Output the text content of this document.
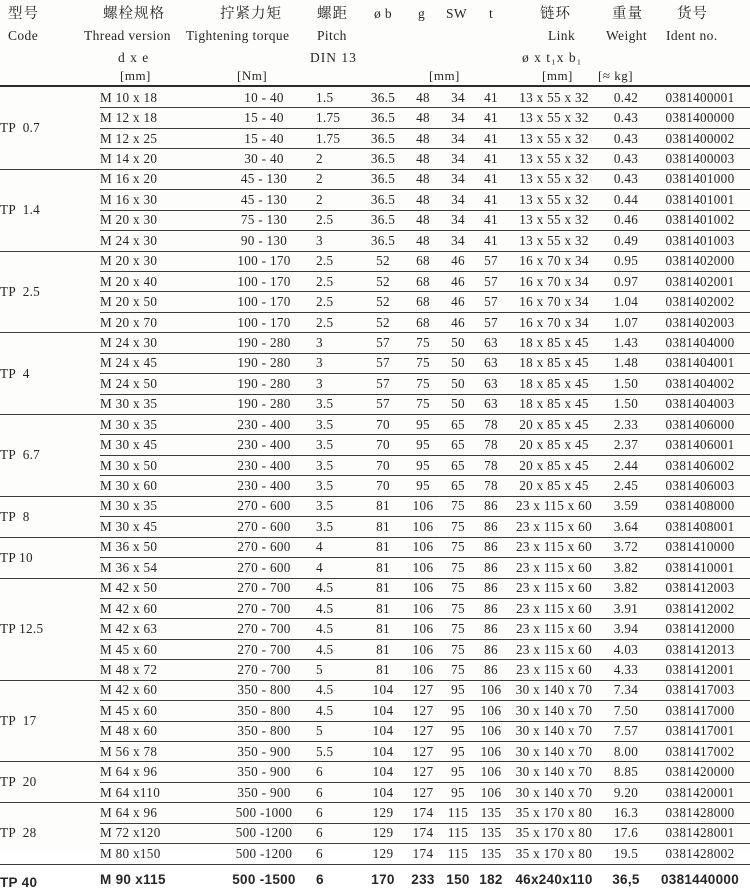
型号
Code
螺栓规格
Thread version
d x e
[mm]
拧紧力矩
Tightening torque
[Nm]
螺距
Pitch
DIN 13
ø b g SW t
[mm]
链环
Link
ø x t₁x b₁
[mm]
重量
Weight
[≈ kg]
货号
Ident no.
TP  0.7	M 10 x 18	10 - 40	1.5	36.5	48	34	41	13 x 55 x 32	0.42	0381400001
	M 12 x 18	15 - 40	1.75	36.5	48	34	41	13 x 55 x 32	0.43	0381400000
	M 12 x 25	15 - 40	1.75	36.5	48	34	41	13 x 55 x 32	0.43	0381400002
	M 14 x 20	30 - 40	2	36.5	48	34	41	13 x 55 x 32	0.43	0381400003
TP  1.4	M 16 x 20	45 - 130	2	36.5	48	34	41	13 x 55 x 32	0.43	0381401000
	M 16 x 30	45 - 130	2	36.5	48	34	41	13 x 55 x 32	0.44	0381401001
	M 20 x 30	75 - 130	2.5	36.5	48	34	41	13 x 55 x 32	0.46	0381401002
	M 24 x 30	90 - 130	3	36.5	48	34	41	13 x 55 x 32	0.49	0381401003
TP  2.5	M 20 x 30	100 - 170	2.5	52	68	46	57	16 x 70 x 34	0.95	0381402000
	M 20 x 40	100 - 170	2.5	52	68	46	57	16 x 70 x 34	0.97	0381402001
	M 20 x 50	100 - 170	2.5	52	68	46	57	16 x 70 x 34	1.04	0381402002
	M 20 x 70	100 - 170	2.5	52	68	46	57	16 x 70 x 34	1.07	0381402003
TP  4	M 24 x 30	190 - 280	3	57	75	50	63	18 x 85 x 45	1.43	0381404000
	M 24 x 45	190 - 280	3	57	75	50	63	18 x 85 x 45	1.48	0381404001
	M 24 x 50	190 - 280	3	57	75	50	63	18 x 85 x 45	1.50	0381404002
	M 30 x 35	190 - 280	3.5	57	75	50	63	18 x 85 x 45	1.50	0381404003
TP  6.7	M 30 x 35	230 - 400	3.5	70	95	65	78	20 x 85 x 45	2.33	0381406000
	M 30 x 45	230 - 400	3.5	70	95	65	78	20 x 85 x 45	2.37	0381406001
	M 30 x 50	230 - 400	3.5	70	95	65	78	20 x 85 x 45	2.44	0381406002
	M 30 x 60	230 - 400	3.5	70	95	65	78	20 x 85 x 45	2.45	0381406003
TP  8	M 30 x 35	270 - 600	3.5	81	106	75	86	23 x 115 x 60	3.59	0381408000
	M 30 x 45	270 - 600	3.5	81	106	75	86	23 x 115 x 60	3.64	0381408001
TP 10	M 36 x 50	270 - 600	4	81	106	75	86	23 x 115 x 60	3.72	0381410000
	M 36 x 54	270 - 600	4	81	106	75	86	23 x 115 x 60	3.82	0381410001
TP 12.5	M 42 x 50	270 - 700	4.5	81	106	75	86	23 x 115 x 60	3.82	0381412003
	M 42 x 60	270 - 700	4.5	81	106	75	86	23 x 115 x 60	3.91	0381412002
	M 42 x 63	270 - 700	4.5	81	106	75	86	23 x 115 x 60	3.94	0381412000
	M 45 x 60	270 - 700	4.5	81	106	75	86	23 x 115 x 60	4.03	0381412013
	M 48 x 72	270 - 700	5	81	106	75	86	23 x 115 x 60	4.33	0381412001
TP  17	M 42 x 60	350 - 800	4.5	104	127	95	106	30 x 140 x 70	7.34	0381417003
	M 45 x 60	350 - 800	4.5	104	127	95	106	30 x 140 x 70	7.50	0381417000
	M 48 x 60	350 - 800	5	104	127	95	106	30 x 140 x 70	7.57	0381417001
	M 56 x 78	350 - 900	5.5	104	127	95	106	30 x 140 x 70	8.00	0381417002
TP  20	M 64 x 96	350 - 900	6	104	127	95	106	30 x 140 x 70	8.85	0381420000
	M 64 x110	350 - 900	6	104	127	95	106	30 x 140 x 70	9.20	0381420001
TP  28	M 64 x 96	500 -1000	6	129	174	115	135	35 x 170 x 80	16.3	0381428000
	M 72 x120	500 -1200	6	129	174	115	135	35 x 170 x 80	17.6	0381428001
	M 80 x150	500 -1200	6	129	174	115	135	35 x 170 x 80	19.5	0381428002
TP 40	M 90 x115	500 -1500	6	170	233	150	182	46x240x110	36,5	0381440000
